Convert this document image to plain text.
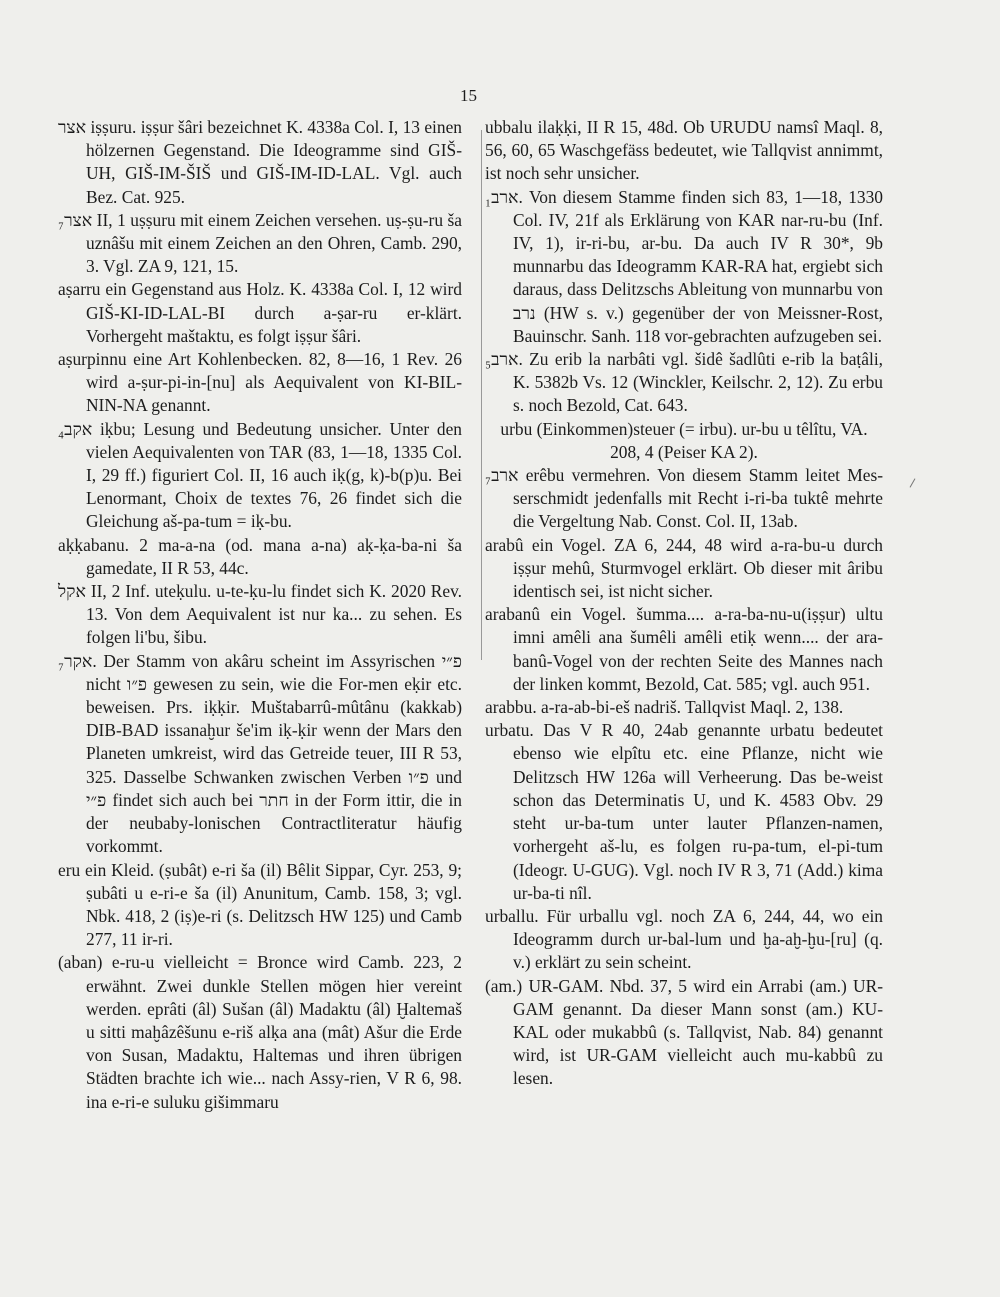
15

אצר iṣṣuru. iṣṣur šâri bezeichnet K. 4338a Col. I, 13 einen hölzernen Gegenstand. Die Ideogramme sind GIŠ-UH, GIŠ-IM-ŠIŠ und GIŠ-IM-ID-LAL. Vgl. auch Bez. Cat. 925.

אצר₇ II, 1 uṣṣuru mit einem Zeichen versehen. uṣ-ṣu-ru ša uznâšu mit einem Zeichen an den Ohren, Camb. 290, 3. Vgl. ZA 9, 121, 15.

aṣarru ein Gegenstand aus Holz. K. 4338a Col. I, 12 wird GIŠ-KI-ID-LAL-BI durch a-ṣar-ru er-klärt. Vorhergeht maštaktu, es folgt iṣṣur šâri.

aṣurpinnu eine Art Kohlenbecken. 82, 8—16, 1 Rev. 26 wird a-ṣur-pi-in-[nu] als Aequivalent von KI-BIL-NIN-NA genannt.

אקב₄ iḳbu; Lesung und Bedeutung unsicher. Unter den vielen Aequivalenten von TAR (83, 1—18, 1335 Col. I, 29 ff.) figuriert Col. II, 16 auch iḳ(g, k)-b(p)u. Bei Lenormant, Choix de textes 76, 26 findet sich die Gleichung aš-pa-tum = iḳ-bu.

aḳḳabanu. 2 ma-a-na (od. mana a-na) aḳ-ḳa-ba-ni ša gamedate, II R 53, 44c.

אקל II, 2 Inf. uteḳulu. u-te-ḳu-lu findet sich K. 2020 Rev. 13. Von dem Aequivalent ist nur ka... zu sehen. Es folgen li'bu, šibu.

אקר₇. Der Stamm von akâru scheint im Assyrischen פ״י nicht פ״ו gewesen zu sein, wie die For-men eḳir etc. beweisen. Prs. iḳḳir. Muštabarrû-mûtânu (kakkab) DIB-BAD issanaḫur še'im iḳ-ḳir wenn der Mars den Planeten umkreist, wird das Getreide teuer, III R 53, 325. Dasselbe Schwanken zwischen Verben פ״ו und פ״י findet sich auch bei חתר in der Form ittir, die in der neubaby-lonischen Contractliteratur häufig vorkommt.

eru ein Kleid. (ṣubât) e-ri ša (il) Bêlit Sippar, Cyr. 253, 9; ṣubâti u e-ri-e ša (il) Anunitum, Camb. 158, 3; vgl. Nbk. 418, 2 (iṣ)e-ri (s. Delitzsch HW 125) und Camb 277, 11 ir-ri.

(aban) e-ru-u vielleicht = Bronce wird Camb. 223, 2 erwähnt. Zwei dunkle Stellen mögen hier vereint werden. eprâti (âl) Sušan (âl) Madaktu (âl) Ḫaltemaš u sitti maḫâzêšunu e-riš alḳa ana (mât) Ašur die Erde von Susan, Madaktu, Haltemas und ihren übrigen Städten brachte ich wie... nach Assy-rien, V R 6, 98. ina e-ri-e suluku gišimmaru

ubbalu ilaḳḳi, II R 15, 48d. Ob URUDU namsî Maql. 8, 56, 60, 65 Waschgefäss bedeutet, wie Tallqvist annimmt, ist noch sehr unsicher.

ארב₁. Von diesem Stamme finden sich 83, 1—18, 1330 Col. IV, 21f als Erklärung von KAR nar-ru-bu (Inf. IV, 1), ir-ri-bu, ar-bu. Da auch IV R 30*, 9b munnarbu das Ideogramm KAR-RA hat, ergiebt sich daraus, dass Delitzschs Ableitung von munnarbu von נרב (HW s. v.) gegenüber der von Meissner-Rost, Bauinschr. Sanh. 118 vor-gebrachten aufzugeben sei.

ארב₅. Zu erib la narbâti vgl. šidê šadlûti e-rib la baṭâli, K. 5382b Vs. 12 (Winckler, Keilschr. 2, 12). Zu erbu s. noch Bezold, Cat. 643.

urbu (Einkommen)steuer (= irbu). ur-bu u têlîtu, VA. 208, 4 (Peiser KA 2).

ארב₇ erêbu vermehren. Von diesem Stamm leitet Mes-serschmidt jedenfalls mit Recht i-ri-ba tuktê mehrte die Vergeltung Nab. Const. Col. II, 13ab.

arabû ein Vogel. ZA 6, 244, 48 wird a-ra-bu-u durch iṣṣur mehû, Sturmvogel erklärt. Ob dieser mit âribu identisch sei, ist nicht sicher.

arabanû ein Vogel. šumma.... a-ra-ba-nu-u(iṣṣur) ultu imni amêli ana šumêli amêli etiḳ wenn.... der ara-banû-Vogel von der rechten Seite des Mannes nach der linken kommt, Bezold, Cat. 585; vgl. auch 951.

arabbu. a-ra-ab-bi-eš nadriš. Tallqvist Maql. 2, 138.

urbatu. Das V R 40, 24ab genannte urbatu bedeutet ebenso wie elpîtu etc. eine Pflanze, nicht wie Delitzsch HW 126a will Verheerung. Das be-weist schon das Determinatis U, und K. 4583 Obv. 29 steht ur-ba-tum unter lauter Pflanzen-namen, vorhergeht aš-lu, es folgen ru-pa-tum, el-pi-tum (Ideogr. U-GUG). Vgl. noch IV R 3, 71 (Add.) kima ur-ba-ti nîl.

urballu. Für urballu vgl. noch ZA 6, 244, 44, wo ein Ideogramm durch ur-bal-lum und ḫa-aḫ-ḫu-[ru] (q. v.) erklärt zu sein scheint.

(am.) UR-GAM. Nbd. 37, 5 wird ein Arrabi (am.) UR-GAM genannt. Da dieser Mann sonst (am.) KU-KAL oder mukabbû (s. Tallqvist, Nab. 84) genannt wird, ist UR-GAM vielleicht auch mu-kabbû zu lesen.
